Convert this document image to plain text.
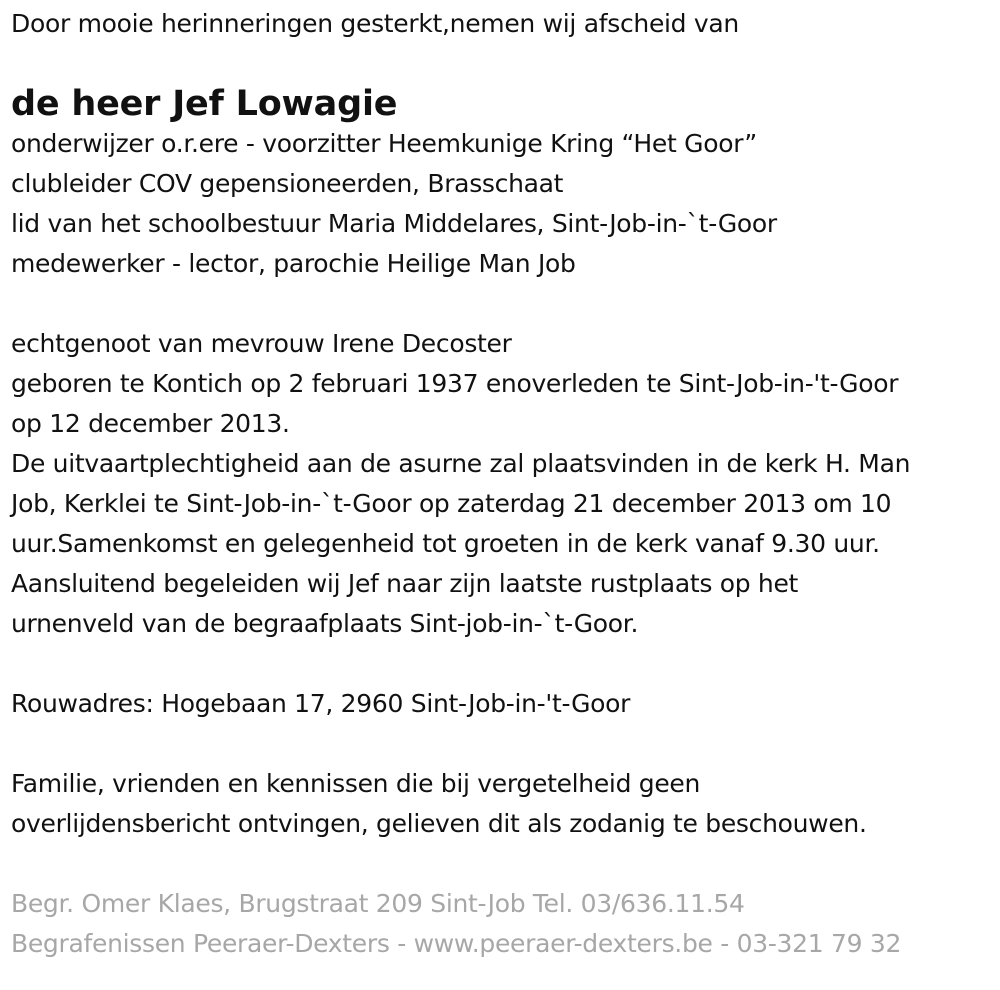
Door mooie herinneringen gesterkt,nemen wij afscheid van
de heer Jef Lowagie
onderwijzer o.r.ere - voorzitter Heemkunige Kring “Het Goor”
clubleider COV gepensioneerden, Brasschaat
lid van het schoolbestuur Maria Middelares, Sint-Job-in-`t-Goor
medewerker - lector, parochie Heilige Man Job
echtgenoot van mevrouw Irene Decoster
geboren te Kontich op 2 februari 1937 enoverleden te Sint-Job-in-'t-Goor
op 12 december 2013.
De uitvaartplechtigheid aan de asurne zal plaatsvinden in de kerk H. Man
Job, Kerklei te Sint-Job-in-`t-Goor op zaterdag 21 december 2013 om 10
uur.Samenkomst en gelegenheid tot groeten in de kerk vanaf 9.30 uur.
Aansluitend begeleiden wij Jef naar zijn laatste rustplaats op het
urnenveld van de begraafplaats Sint-job-in-`t-Goor.
Rouwadres: Hogebaan 17, 2960 Sint-Job-in-'t-Goor
Familie, vrienden en kennissen die bij vergetelheid geen
overlijdensbericht ontvingen, gelieven dit als zodanig te beschouwen.
Begr. Omer Klaes, Brugstraat 209 Sint-Job Tel. 03/636.11.54
Begrafenissen Peeraer-Dexters - www.peeraer-dexters.be - 03-321 79 32
